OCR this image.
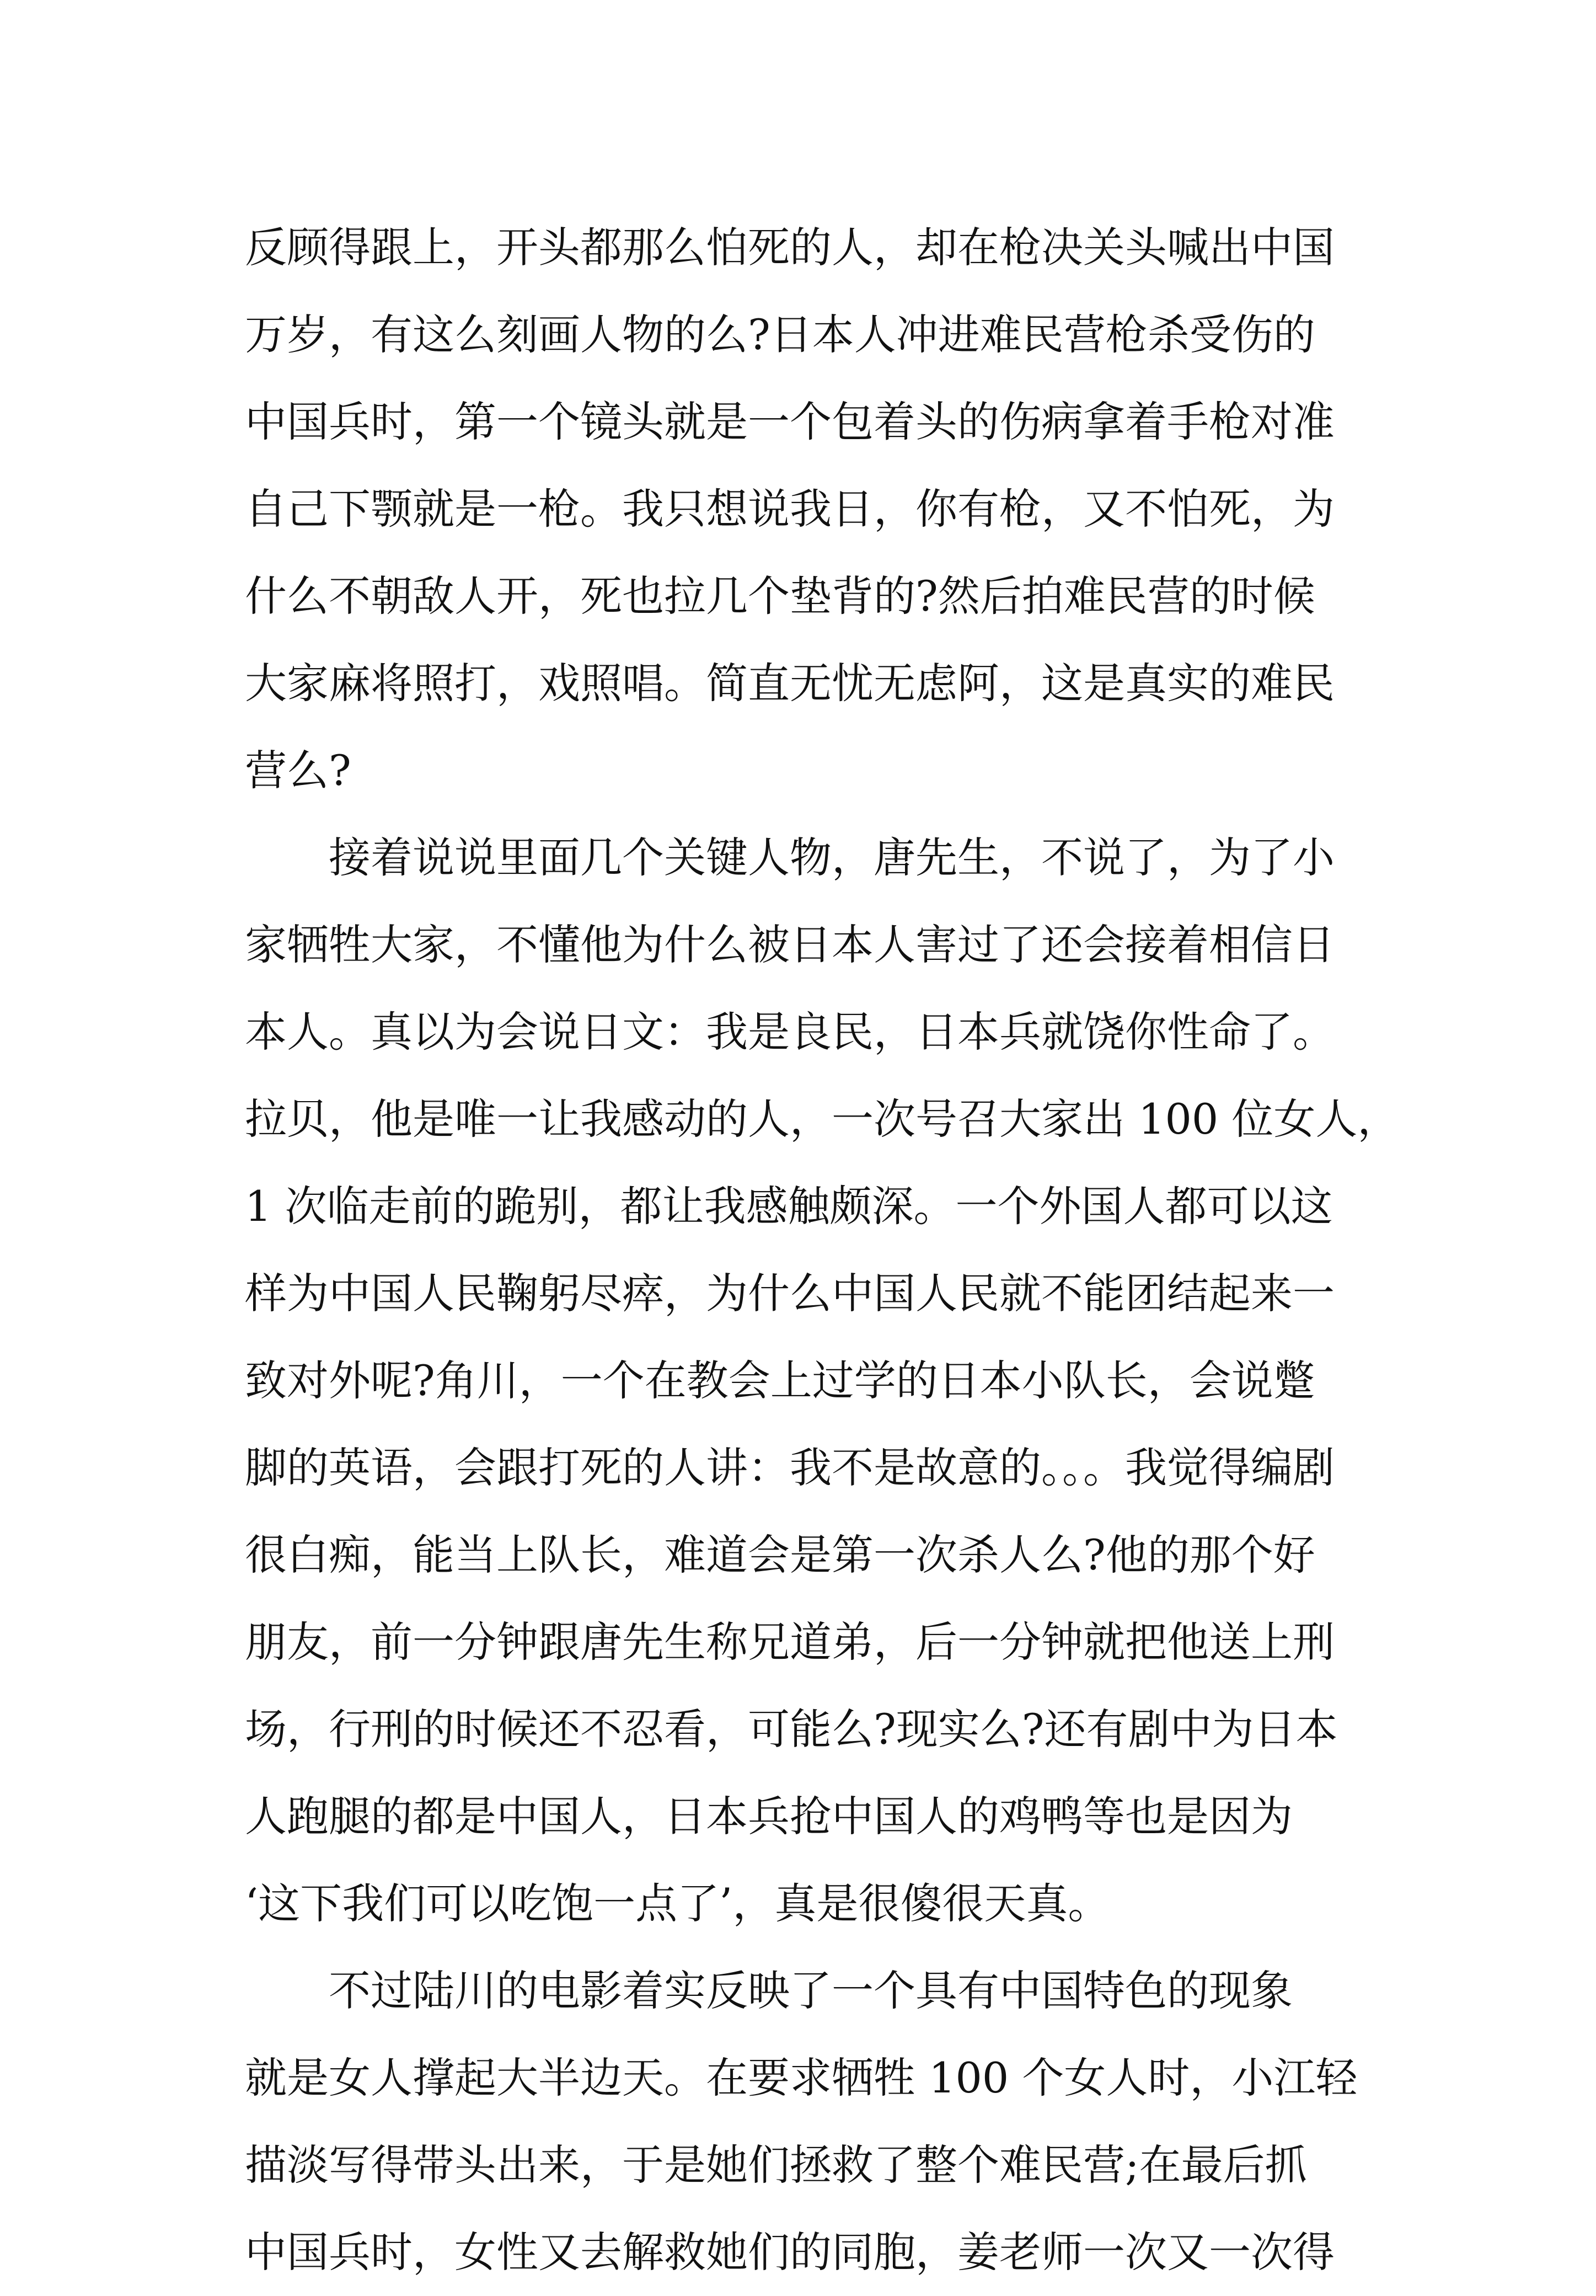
反顾得跟上，开头都那么怕死的人，却在枪决关头喊出中国
万岁，有这么刻画人物的么?日本人冲进难民营枪杀受伤的
中国兵时，第一个镜头就是一个包着头的伤病拿着手枪对准
自己下颚就是一枪。我只想说我日，你有枪，又不怕死，为
什么不朝敌人开，死也拉几个垫背的?然后拍难民营的时候
大家麻将照打，戏照唱。简直无忧无虑阿，这是真实的难民
营么?

接着说说里面几个关键人物，唐先生，不说了，为了小
家牺牲大家，不懂他为什么被日本人害过了还会接着相信日
本人。真以为会说日文：我是良民，日本兵就饶你性命了。
拉贝，他是唯一让我感动的人，一次号召大家出 100 位女人，
1 次临走前的跪别，都让我感触颇深。一个外国人都可以这
样为中国人民鞠躬尽瘁，为什么中国人民就不能团结起来一
致对外呢?角川，一个在教会上过学的日本小队长，会说蹩
脚的英语，会跟打死的人讲：我不是故意的。。。我觉得编剧
很白痴，能当上队长，难道会是第一次杀人么?他的那个好
朋友，前一分钟跟唐先生称兄道弟，后一分钟就把他送上刑
场，行刑的时候还不忍看，可能么?现实么?还有剧中为日本
人跑腿的都是中国人，日本兵抢中国人的鸡鸭等也是因为
‘这下我们可以吃饱一点了’，真是很傻很天真。

不过陆川的电影着实反映了一个具有中国特色的现象
就是女人撑起大半边天。在要求牺牲 100 个女人时，小江轻
描淡写得带头出来，于是她们拯救了整个难民营;在最后抓
中国兵时，女性又去解救她们的同胞，姜老师一次又一次得
